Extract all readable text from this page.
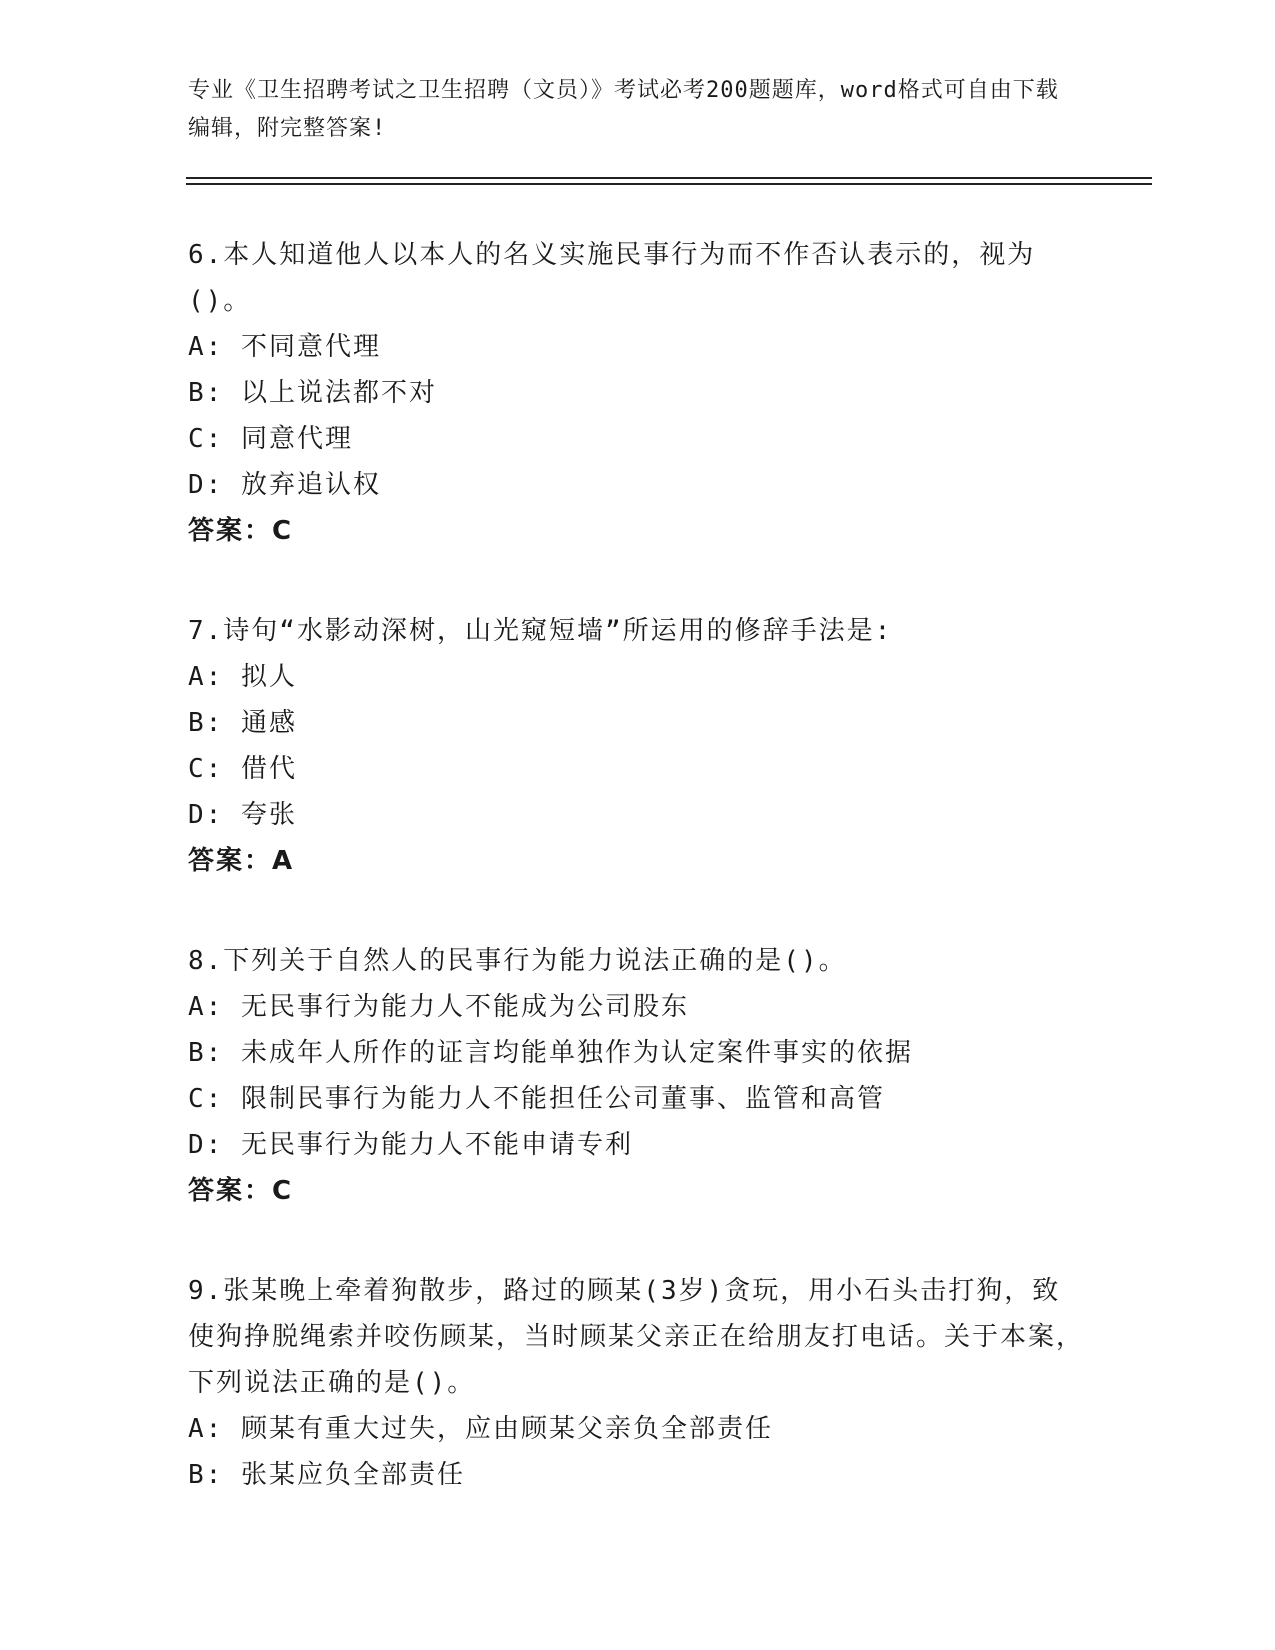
专业《卫生招聘考试之卫生招聘（文员）》考试必考200题题库，word格式可自由下载编辑，附完整答案!

6.本人知道他人以本人的名义实施民事行为而不作否认表示的，视为()。

A: 不同意代理

B: 以上说法都不对

C: 同意代理

D: 放弃追认权

答案：C

7.诗句“水影动深树，山光窥短墙”所运用的修辞手法是:

A: 拟人

B: 通感

C: 借代

D: 夸张

答案：A

8.下列关于自然人的民事行为能力说法正确的是()。

A: 无民事行为能力人不能成为公司股东

B: 未成年人所作的证言均能单独作为认定案件事实的依据

C: 限制民事行为能力人不能担任公司董事、监管和高管

D: 无民事行为能力人不能申请专利

答案：C

9.张某晚上牵着狗散步，路过的顾某(3岁)贪玩，用小石头击打狗，致使狗挣脱绳索并咬伤顾某，当时顾某父亲正在给朋友打电话。关于本案，下列说法正确的是()。

A: 顾某有重大过失，应由顾某父亲负全部责任

B: 张某应负全部责任
